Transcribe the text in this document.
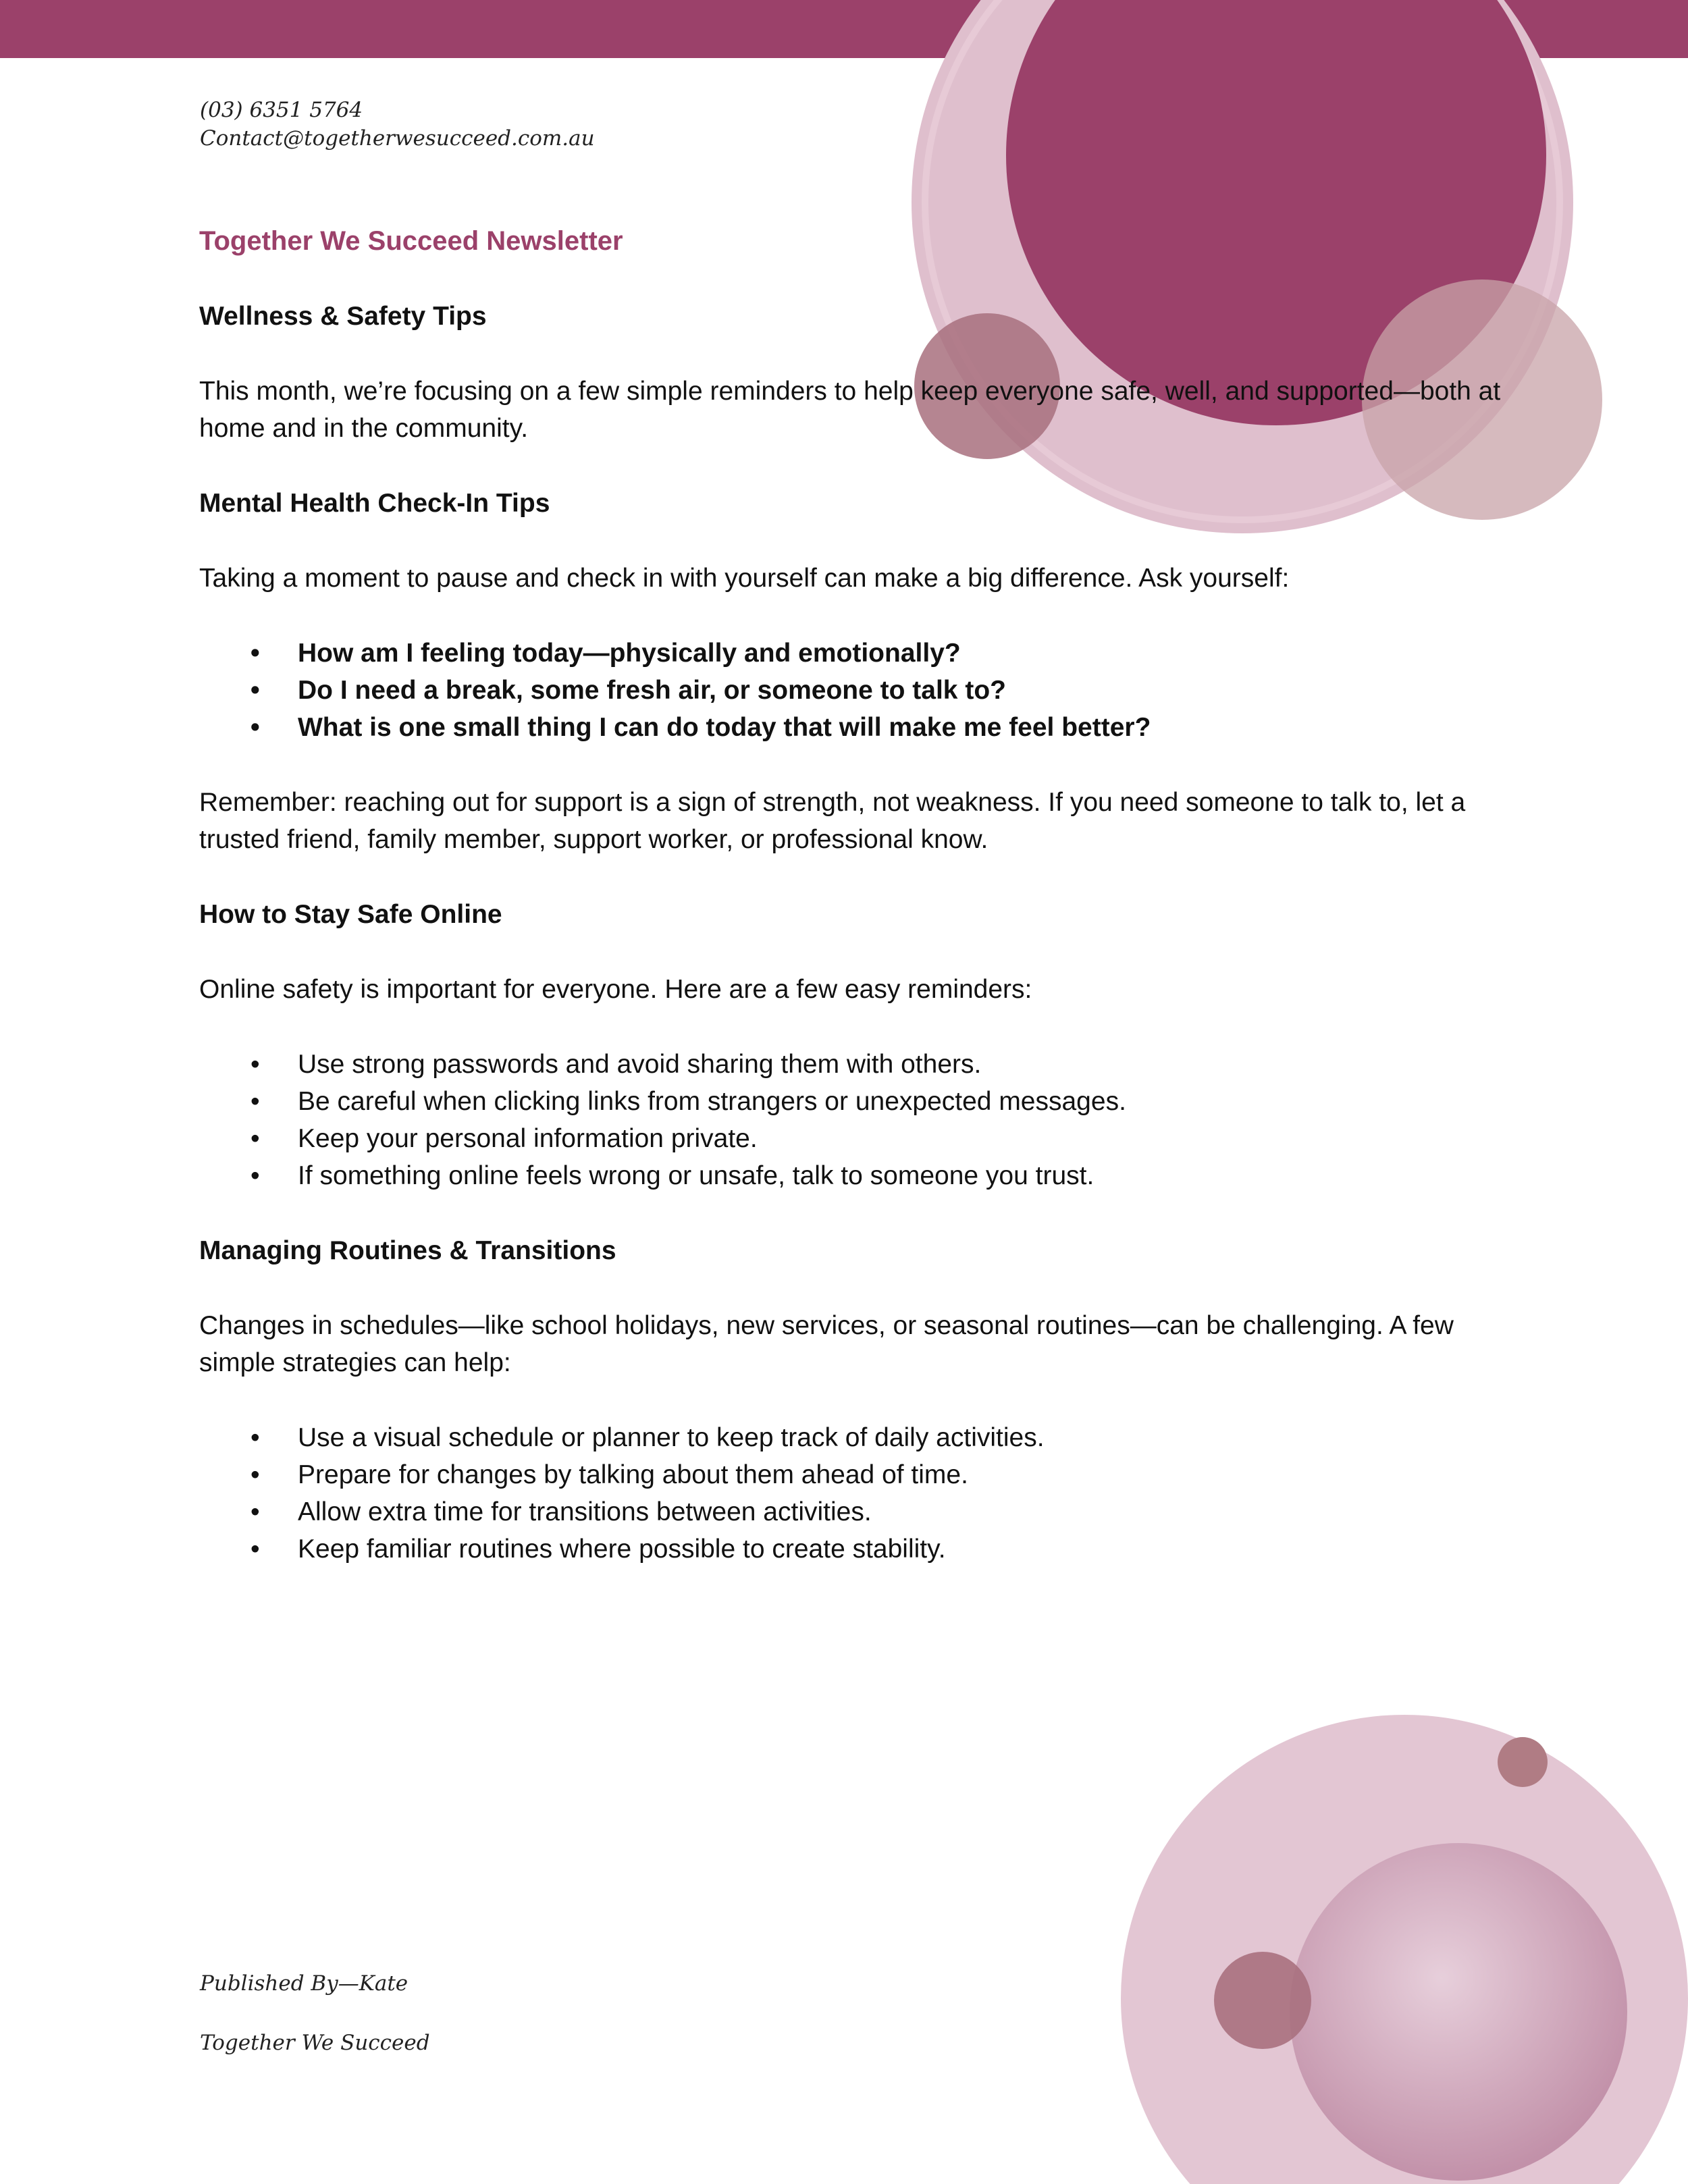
(03) 6351 5764
Contact@togetherwesucceed.com.au
Together We Succeed Newsletter
Wellness & Safety Tips
This month, we’re focusing on a few simple reminders to help keep everyone safe, well, and supported—both at home and in the community.
Mental Health Check-In Tips
Taking a moment to pause and check in with yourself can make a big difference. Ask yourself:
• How am I feeling today—physically and emotionally?
• Do I need a break, some fresh air, or someone to talk to?
• What is one small thing I can do today that will make me feel better?
Remember: reaching out for support is a sign of strength, not weakness. If you need someone to talk to, let a trusted friend, family member, support worker, or professional know.
How to Stay Safe Online
Online safety is important for everyone. Here are a few easy reminders:
• Use strong passwords and avoid sharing them with others.
• Be careful when clicking links from strangers or unexpected messages.
• Keep your personal information private.
• If something online feels wrong or unsafe, talk to someone you trust.
Managing Routines & Transitions
Changes in schedules—like school holidays, new services, or seasonal routines—can be challenging. A few simple strategies can help:
• Use a visual schedule or planner to keep track of daily activities.
• Prepare for changes by talking about them ahead of time.
• Allow extra time for transitions between activities.
• Keep familiar routines where possible to create stability.
Published By—Kate
Together We Succeed
